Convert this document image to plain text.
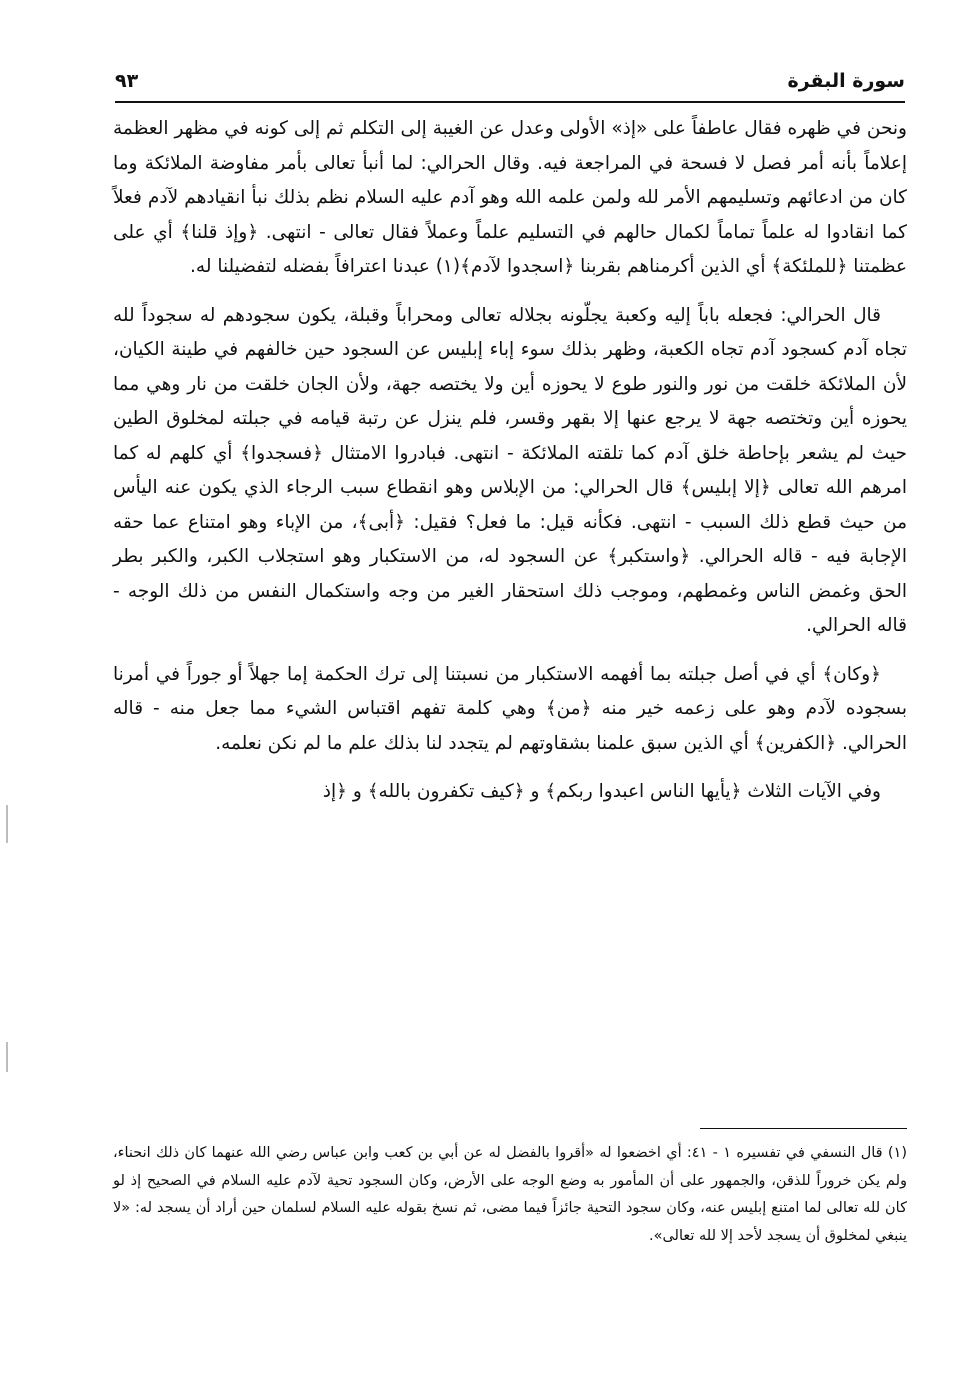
سورة البقرة
٩٣

ونحن في ظهره فقال عاطفاً على «إذ» الأولى وعدل عن الغيبة إلى التكلم ثم إلى كونه في مظهر العظمة إعلاماً بأنه أمر فصل لا فسحة في المراجعة فيه. وقال الحرالي: لما أنبأ تعالى بأمر مفاوضة الملائكة وما كان من ادعائهم وتسليمهم الأمر لله ولمن علمه الله وهو آدم عليه السلام نظم بذلك نبأ انقيادهم لآدم فعلاً كما انقادوا له علماً تماماً لكمال حالهم في التسليم علماً وعملاً فقال تعالى - انتهى. ﴿وإذ قلنا﴾ أي على عظمتنا ﴿للملئكة﴾ أي الذين أكرمناهم بقربنا ﴿اسجدوا لآدم﴾(١) عبدنا اعترافاً بفضله لتفضيلنا له.

قال الحرالي: فجعله باباً إليه وكعبة يجلّونه بجلاله تعالى ومحراباً وقبلة، يكون سجودهم له سجوداً لله تجاه آدم كسجود آدم تجاه الكعبة، وظهر بذلك سوء إباء إبليس عن السجود حين خالفهم في طينة الكيان، لأن الملائكة خلقت من نور والنور طوع لا يحوزه أين ولا يختصه جهة، ولأن الجان خلقت من نار وهي مما يحوزه أين وتختصه جهة لا يرجع عنها إلا بقهر وقسر، فلم ينزل عن رتبة قيامه في جبلته لمخلوق الطين حيث لم يشعر بإحاطة خلق آدم كما تلقته الملائكة - انتهى. فبادروا الامتثال ﴿فسجدوا﴾ أي كلهم له كما امرهم الله تعالى ﴿إلا إبليس﴾ قال الحرالي: من الإبلاس وهو انقطاع سبب الرجاء الذي يكون عنه اليأس من حيث قطع ذلك السبب - انتهى. فكأنه قيل: ما فعل؟ فقيل: ﴿أبى﴾، من الإباء وهو امتناع عما حقه الإجابة فيه - قاله الحرالي. ﴿واستكبر﴾ عن السجود له، من الاستكبار وهو استجلاب الكبر، والكبر بطر الحق وغمض الناس وغمطهم، وموجب ذلك استحقار الغير من وجه واستكمال النفس من ذلك الوجه - قاله الحرالي.

﴿وكان﴾ أي في أصل جبلته بما أفهمه الاستكبار من نسبتنا إلى ترك الحكمة إما جهلاً أو جوراً في أمرنا بسجوده لآدم وهو على زعمه خير منه ﴿من﴾ وهي كلمة تفهم اقتباس الشيء مما جعل منه - قاله الحرالي. ﴿الكفرين﴾ أي الذين سبق علمنا بشقاوتهم لم يتجدد لنا بذلك علم ما لم نكن نعلمه.

وفي الآيات الثلاث ﴿يأيها الناس اعبدوا ربكم﴾ و ﴿كيف تكفرون بالله﴾ و ﴿إذ

(١) قال النسفي في تفسيره ١ - ٤١: أي اخضعوا له «أقروا بالفضل له عن أبي بن كعب وابن عباس رضي الله عنهما كان ذلك انحناء، ولم يكن خروراً للذقن، والجمهور على أن المأمور به وضع الوجه على الأرض، وكان السجود تحية لآدم عليه السلام في الصحيح إذ لو كان لله تعالى لما امتنع إبليس عنه، وكان سجود التحية جائزاً فيما مضى، ثم نسخ بقوله عليه السلام لسلمان حين أراد أن يسجد له: «لا ينبغي لمخلوق أن يسجد لأحد إلا لله تعالى».
